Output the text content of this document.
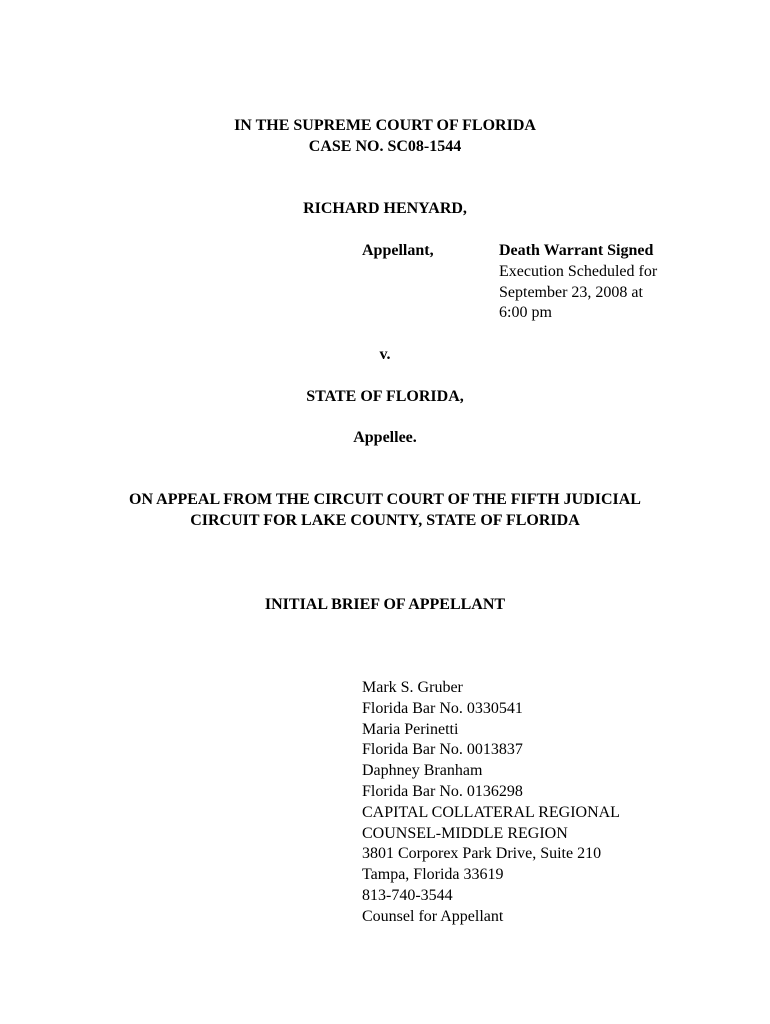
IN THE SUPREME COURT OF FLORIDA
CASE NO. SC08-1544
RICHARD HENYARD,
Appellant,	Death Warrant Signed
Execution Scheduled for
September 23, 2008 at
6:00 pm
v.
STATE OF FLORIDA,
Appellee.
ON APPEAL FROM THE CIRCUIT COURT OF THE FIFTH JUDICIAL
CIRCUIT FOR LAKE COUNTY, STATE OF FLORIDA
INITIAL BRIEF OF APPELLANT
Mark S. Gruber
Florida Bar No. 0330541
Maria Perinetti
Florida Bar No. 0013837
Daphney Branham
Florida Bar No. 0136298
CAPITAL COLLATERAL REGIONAL
COUNSEL-MIDDLE REGION
3801 Corporex Park Drive, Suite 210
Tampa, Florida 33619
813-740-3544
Counsel for Appellant
